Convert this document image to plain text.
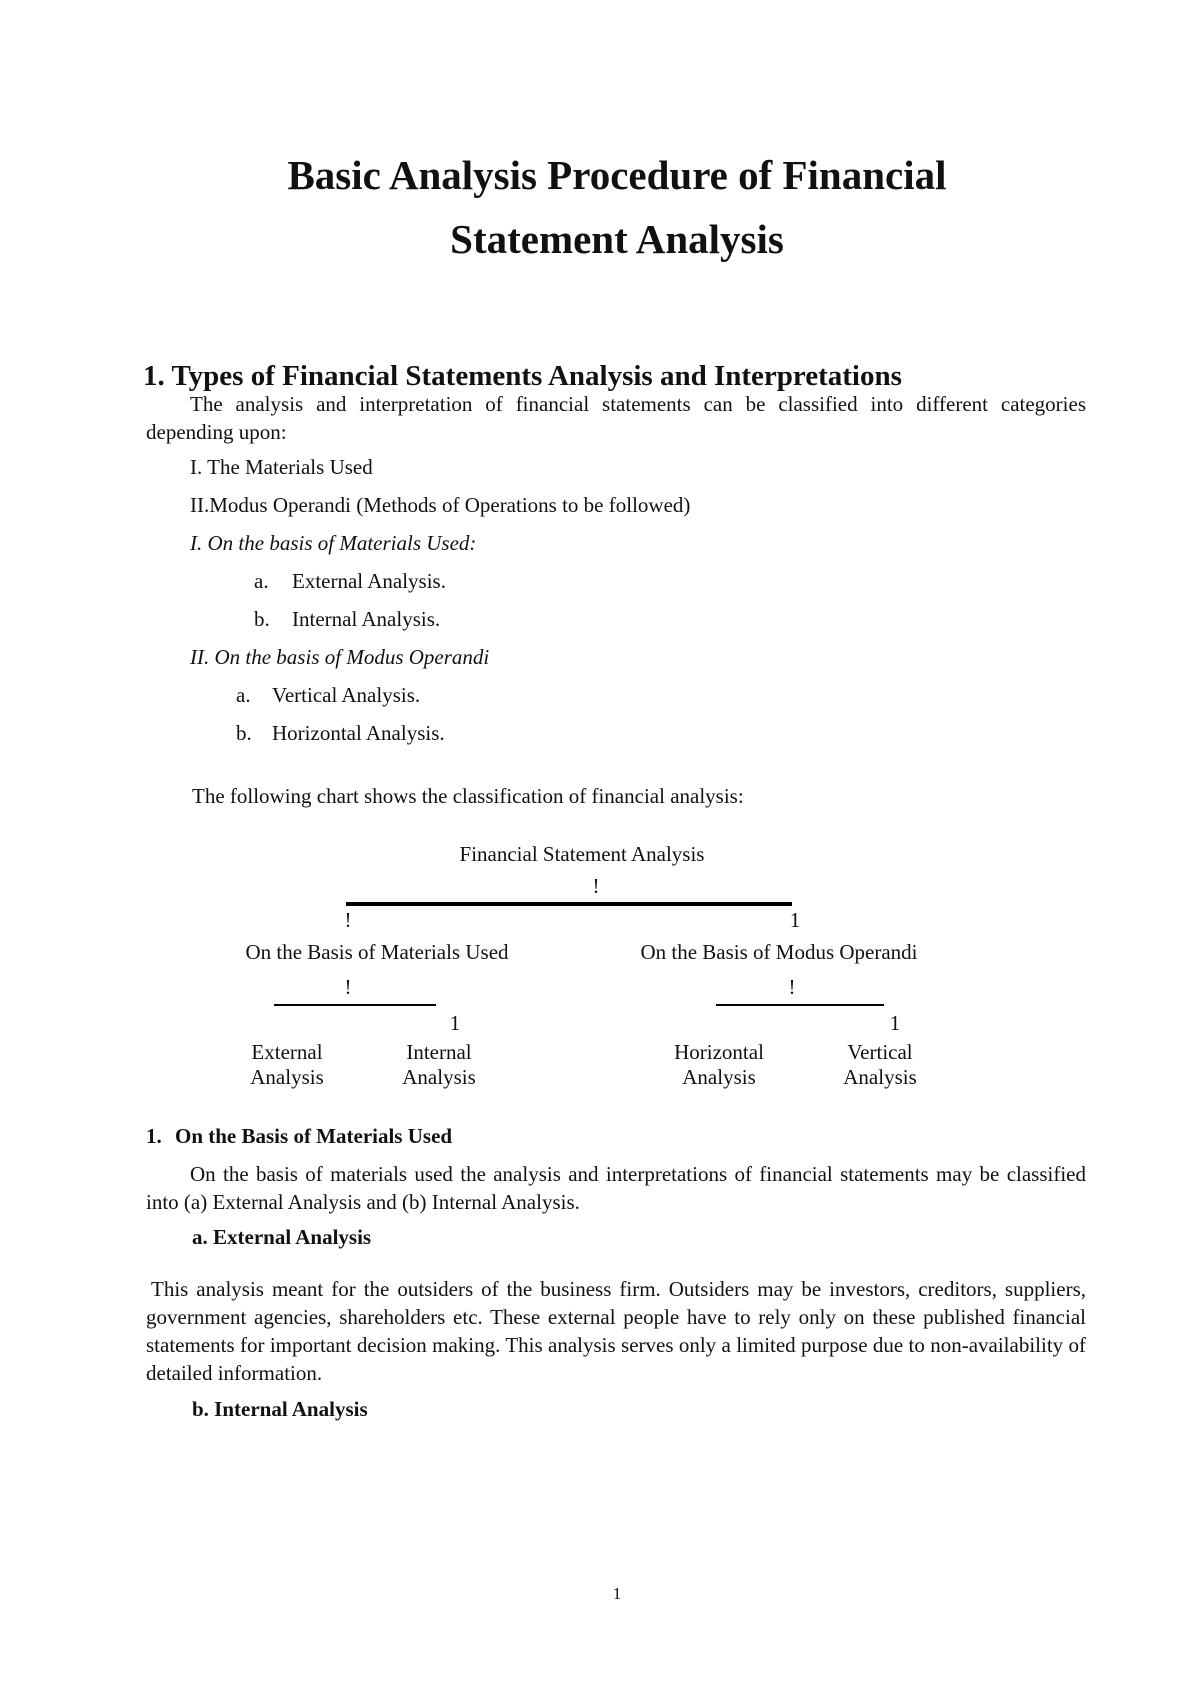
Basic Analysis Procedure of Financial
Statement Analysis
1. Types of Financial Statements Analysis and Interpretations
The analysis and interpretation of financial statements can be classified into different categories depending upon:
I. The Materials Used
II.Modus Operandi (Methods of Operations to be followed)
I. On the basis of Materials Used:
a. External Analysis.
b. Internal Analysis.
II. On the basis of Modus Operandi
a. Vertical Analysis.
b. Horizontal Analysis.
The following chart shows the classification of financial analysis:
Financial Statement Analysis
!
!	1
On the Basis of Materials Used	On the Basis of Modus Operandi
!	!
1	1
External
Analysis
Internal
Analysis
Horizontal
Analysis
Vertical
Analysis
1. On the Basis of Materials Used
On the basis of materials used the analysis and interpretations of financial statements may be classified into (a) External Analysis and (b) Internal Analysis.
a. External Analysis
This analysis meant for the outsiders of the business firm. Outsiders may be investors, creditors, suppliers, government agencies, shareholders etc. These external people have to rely only on these published financial statements for important decision making. This analysis serves only a limited purpose due to non-availability of detailed information.
b. Internal Analysis
1
